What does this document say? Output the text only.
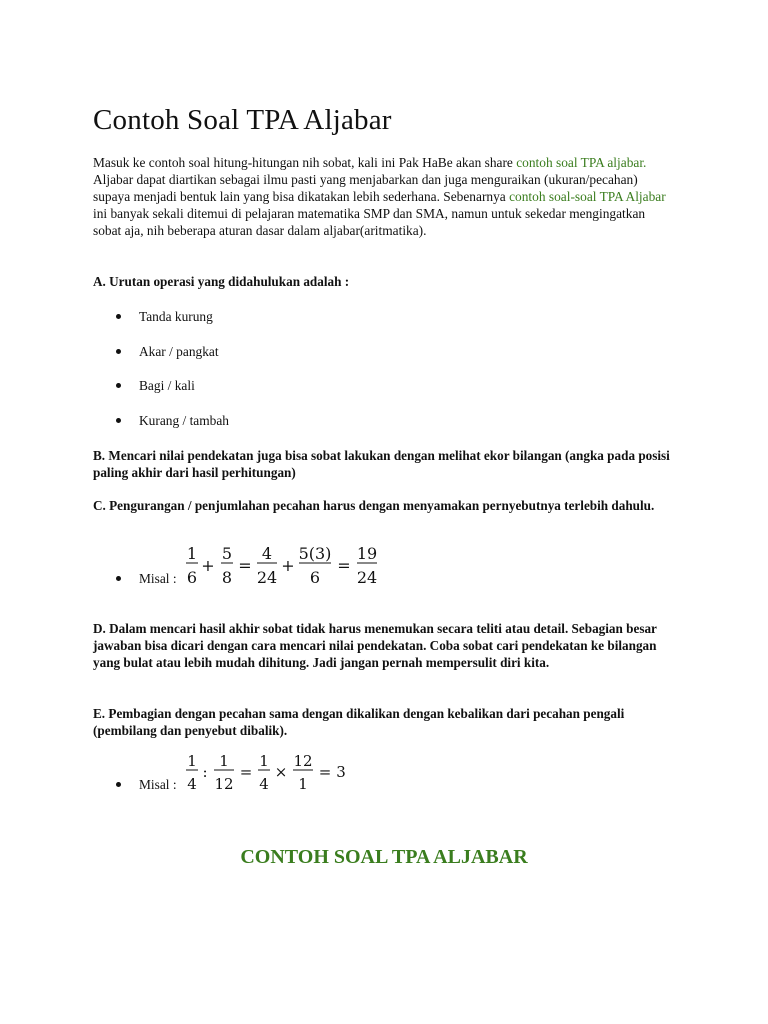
Contoh Soal TPA Aljabar

Masuk ke contoh soal hitung-hitungan nih sobat, kali ini Pak HaBe akan share contoh soal TPA aljabar. Aljabar dapat diartikan sebagai ilmu pasti yang menjabarkan dan juga menguraikan (ukuran/pecahan) supaya menjadi bentuk lain yang bisa dikatakan lebih sederhana. Sebenarnya contoh soal-soal TPA Aljabar ini banyak sekali ditemui di pelajaran matematika SMP dan SMA, namun untuk sekedar mengingatkan sobat aja, nih beberapa aturan dasar dalam aljabar(aritmatika).

A. Urutan operasi yang didahulukan adalah :

Tanda kurung
Akar / pangkat
Bagi / kali
Kurang / tambah

B. Mencari nilai pendekatan juga bisa sobat lakukan dengan melihat ekor bilangan (angka pada posisi paling akhir dari hasil perhitungan)

C. Pengurangan / penjumlahan pecahan harus dengan menyamakan pernyebutnya terlebih dahulu.

Misal :
1
6
+
5
8
=
4
24
+
5(3)
6
=
19
24

D. Dalam mencari hasil akhir sobat tidak harus menemukan secara teliti atau detail. Sebagian besar jawaban bisa dicari dengan cara mencari nilai pendekatan. Coba sobat cari pendekatan ke bilangan yang bulat atau lebih mudah dihitung. Jadi jangan pernah mempersulit diri kita.

E. Pembagian dengan pecahan sama dengan dikalikan dengan kebalikan dari pecahan pengali (pembilang dan penyebut dibalik).

Misal :
1
4
:
1
12
=
1
4
×
12
1
= 3
CONTOH SOAL TPA ALJABAR
